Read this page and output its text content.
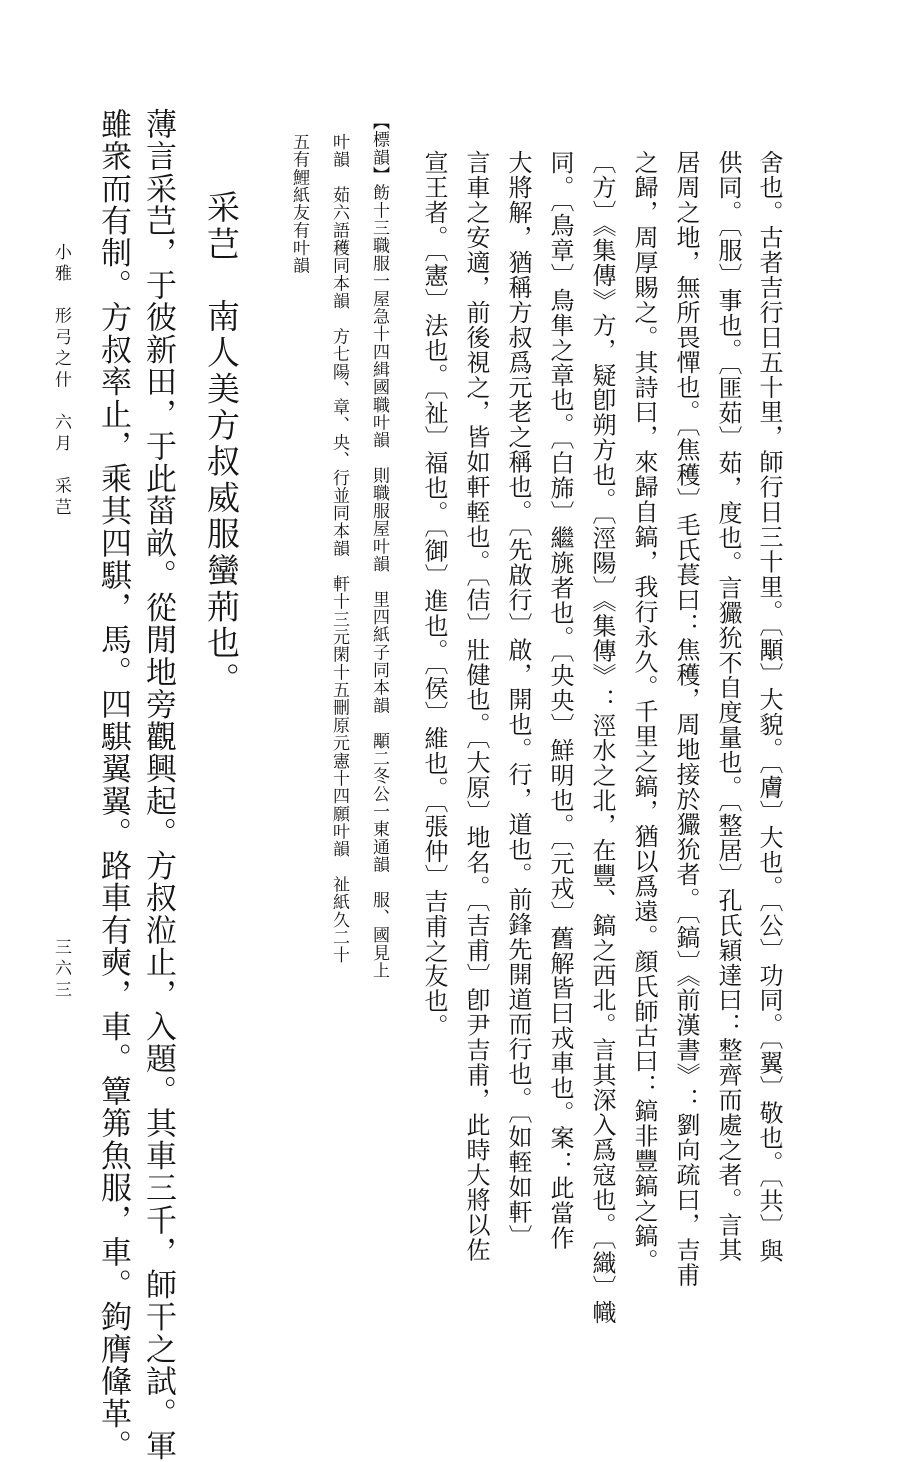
舍也。古者吉行日五十里，師行日三十里。〔顒〕大貌。〔膚〕大也。〔公〕功同。〔翼〕敬也。〔共〕與
供同。〔服〕事也。〔匪茹〕茹，度也。言玁狁不自度量也。〔整居〕孔氏穎達曰：整齊而處之者。言其
居周之地，無所畏憚也。〔焦穫〕毛氏萇曰：焦穫，周地接於玁狁者。〔鎬〕《前漢書》：劉向疏曰，吉甫
之歸，周厚賜之。其詩曰，來歸自鎬，我行永久。千里之鎬，猶以爲遠。顔氏師古曰：鎬非豐鎬之鎬。
〔方〕《集傳》方，疑卽朔方也。〔涇陽〕《集傳》：涇水之北，在豐、鎬之西北。言其深入爲寇也。〔織〕幟
同。〔鳥章〕鳥隼之章也。〔白旆〕繼旐者也。〔央央〕鮮明也。〔元戎〕舊解皆曰戎車也。案：此當作
大將解，猶稱方叔爲元老之稱也。〔先啟行〕啟，開也。行，道也。前鋒先開道而行也。〔如輊如軒〕
言車之安適，前後視之，皆如軒輊也。〔佶〕壯健也。〔大原〕地名。〔吉甫〕卽尹吉甫，此時大將以佐
宣王者。〔憲〕法也。〔祉〕福也。〔御〕進也。〔侯〕維也。〔張仲〕吉甫之友也。
【標韻】飭十三職服一屋急十四緝國職叶韻　則職服屋叶韻　里四紙子同本韻　顒二冬公一東通韻　服、國見上
叶韻　茹六語穫同本韻　方七陽、章、央、行並同本韻　軒十三元閑十五刪原元憲十四願叶韻　祉紙久二十
五有鯉紙友有叶韻
采芑　南人美方叔威服蠻荊也。
薄言采芑，于彼新田，于此菑畝。從閒地旁觀興起。方叔涖止，入題。其車三千，師干之試。軍
雖衆而有制。方叔率止，乘其四騏，馬。四騏翼翼。路車有奭，車。簟笰魚服，車。鉤膺鞗革。
小雅　形弓之什　六月　采芑
三六三
